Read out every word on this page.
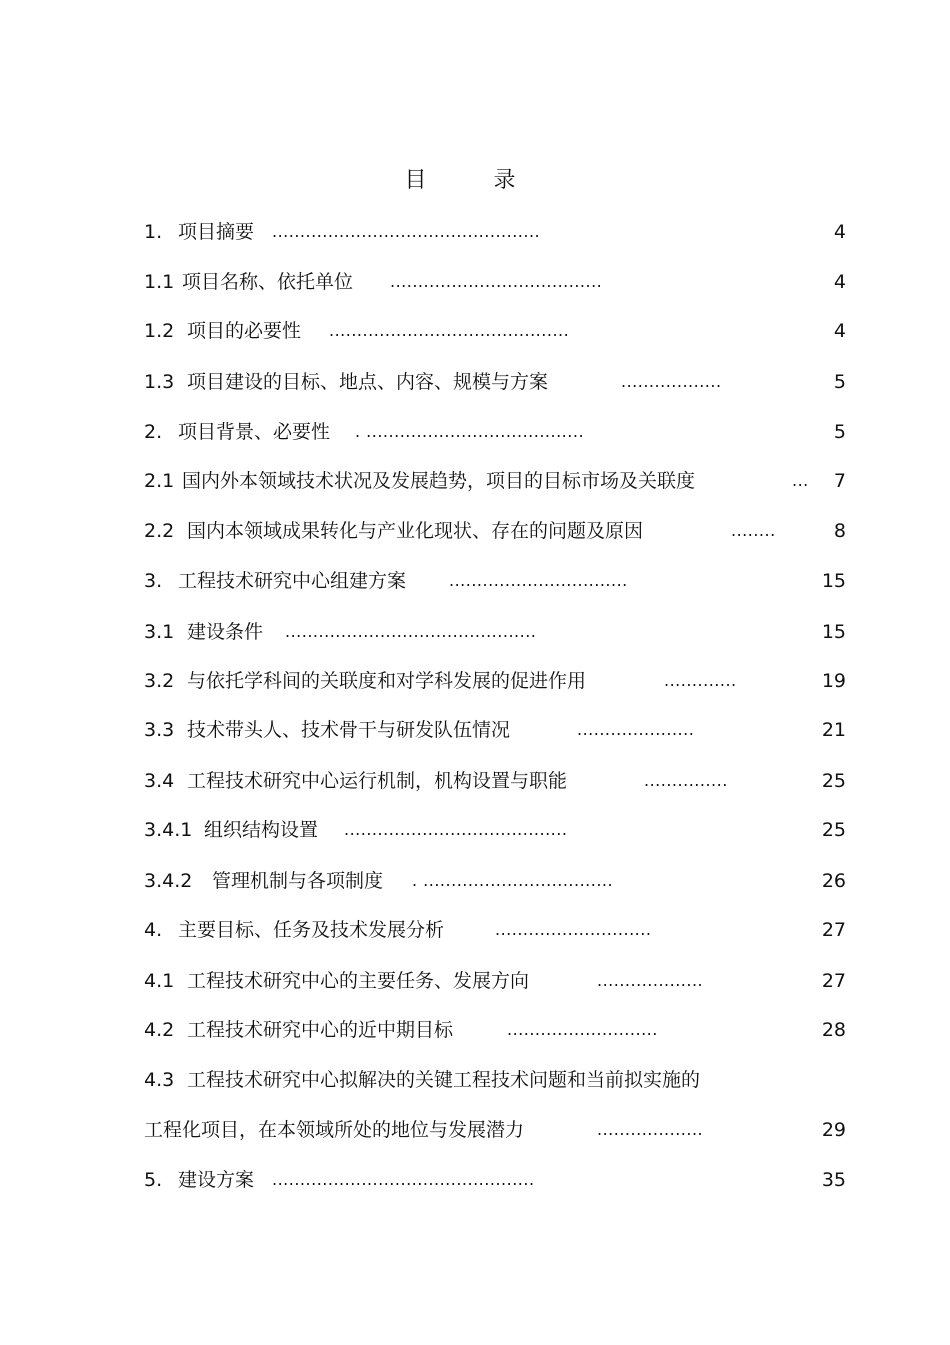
目 录
1. 项目摘要 ................................................	4
1.1 项目名称、依托单位 ......................................	4
1.2 项目的必要性 ...........................................	4
1.3 项目建设的目标、地点、内容、规模与方案	..................	5
2. 项目背景、必要性 . .......................................	5
2.1 国内外本领域技术状况及发展趋势，项目的目标市场及关联度	... 7
2.2 国内本领域成果转化与产业化现状、存在的问题及原因	........	8
3. 工程技术研究中心组建方案	................................	15
3.1 建设条件 .............................................	15
3.2 与依托学科间的关联度和对学科发展的促进作用	.............	19
3.3 技术带头人、技术骨干与研发队伍情况	.....................	21
3.4 工程技术研究中心运行机制，机构设置与职能	...............	25
3.4.1 组织结构设置 ........................................	25
3.4.2 管理机制与各项制度 . ..................................	26
4. 主要目标、任务及技术发展分析	............................	27
4.1 工程技术研究中心的主要任务、发展方向	...................	27
4.2 工程技术研究中心的近中期目标	...........................	28
4.3 工程技术研究中心拟解决的关键工程技术问题和当前拟实施的
工程化项目，在本领域所处的地位与发展潜力	...................	29
5. 建设方案 ...............................................	35
